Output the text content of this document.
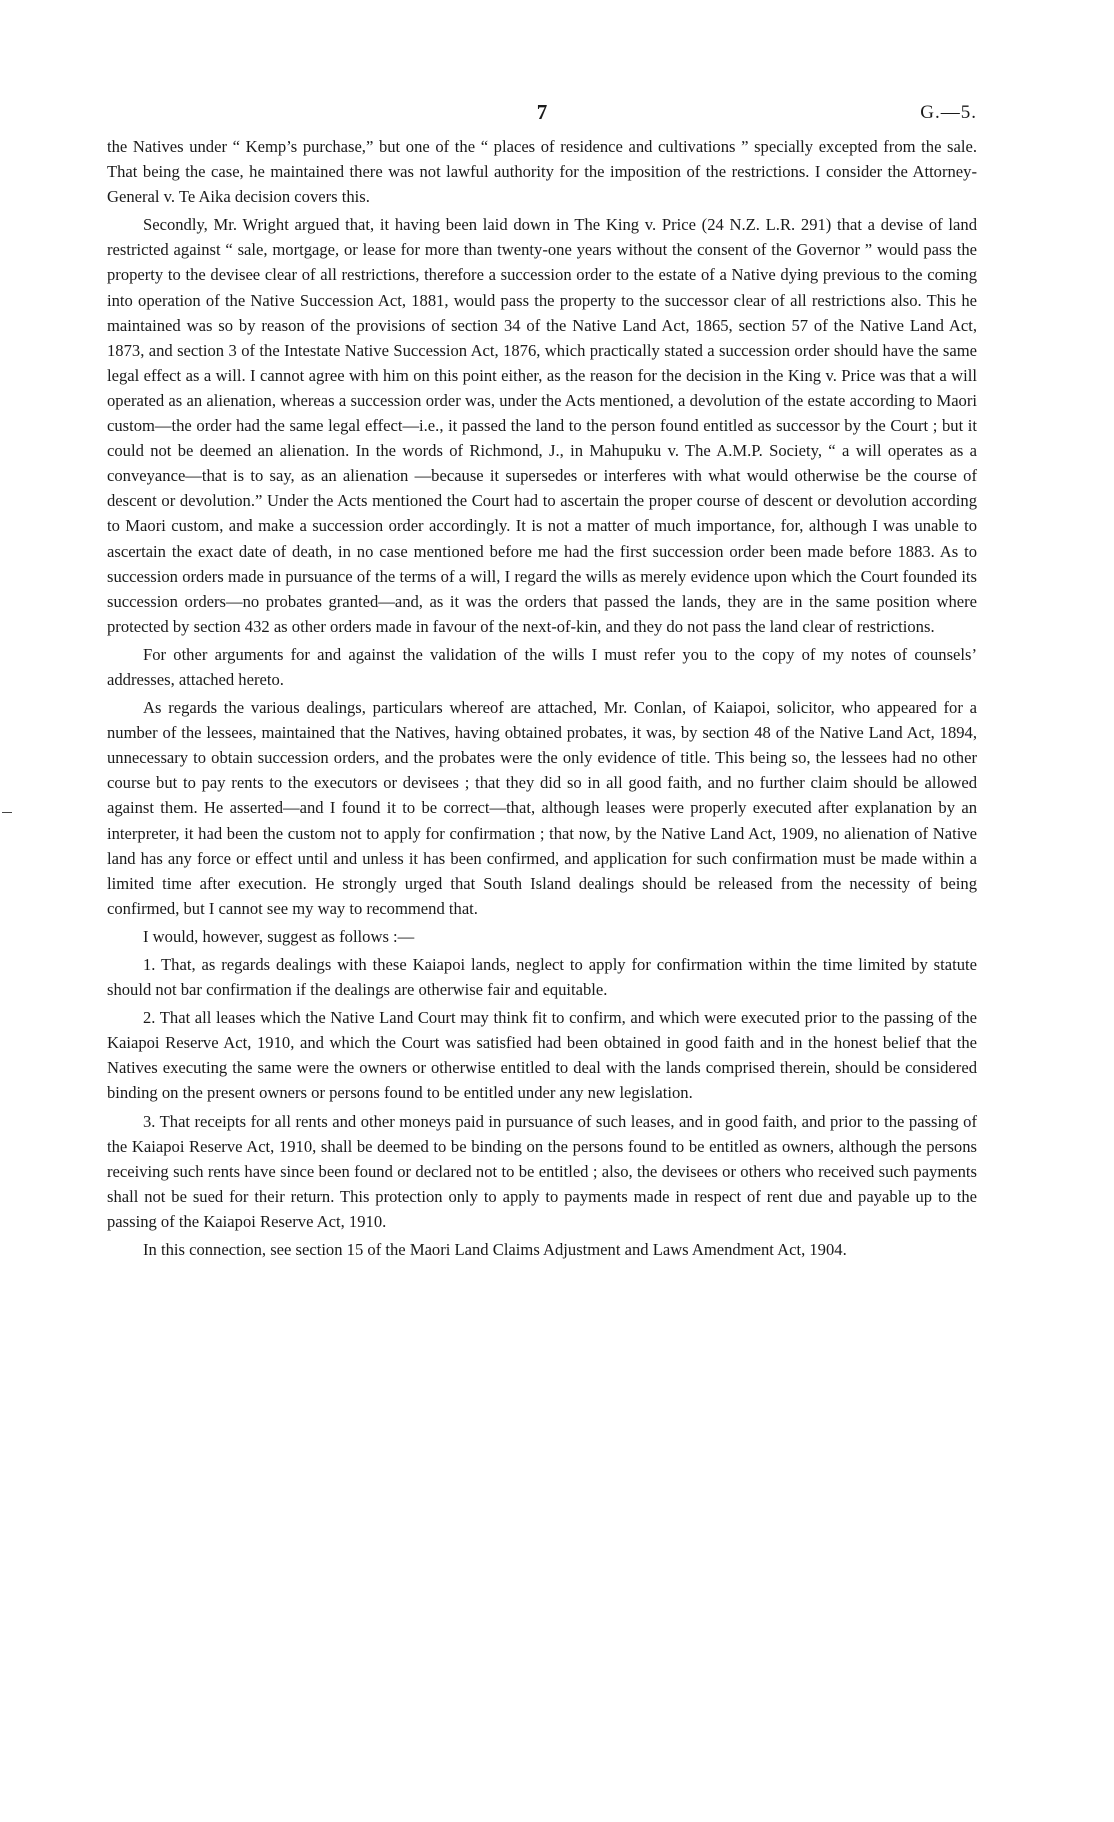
7	G.—5.

the Natives under “ Kemp’s purchase,” but one of the “ places of residence and cultivations ” specially excepted from the sale. That being the case, he maintained there was not lawful authority for the imposition of the restrictions. I consider the Attorney-General v. Te Aika decision covers this.

Secondly, Mr. Wright argued that, it having been laid down in The King v. Price (24 N.Z. L.R. 291) that a devise of land restricted against “ sale, mortgage, or lease for more than twenty-one years without the consent of the Governor ” would pass the property to the devisee clear of all restrictions, therefore a succession order to the estate of a Native dying previous to the coming into operation of the Native Succession Act, 1881, would pass the property to the successor clear of all restrictions also. This he maintained was so by reason of the provisions of section 34 of the Native Land Act, 1865, section 57 of the Native Land Act, 1873, and section 3 of the Intestate Native Succession Act, 1876, which practically stated a succession order should have the same legal effect as a will. I cannot agree with him on this point either, as the reason for the decision in the King v. Price was that a will operated as an alienation, whereas a succession order was, under the Acts mentioned, a devolution of the estate according to Maori custom—the order had the same legal effect—i.e., it passed the land to the person found entitled as successor by the Court ; but it could not be deemed an alienation. In the words of Richmond, J., in Mahupuku v. The A.M.P. Society, “ a will operates as a conveyance—that is to say, as an alienation —because it supersedes or interferes with what would otherwise be the course of descent or devolution.” Under the Acts mentioned the Court had to ascertain the proper course of descent or devolution according to Maori custom, and make a succession order accordingly. It is not a matter of much importance, for, although I was unable to ascertain the exact date of death, in no case mentioned before me had the first succession order been made before 1883. As to succession orders made in pursuance of the terms of a will, I regard the wills as merely evidence upon which the Court founded its succession orders—no probates granted—and, as it was the orders that passed the lands, they are in the same position where protected by section 432 as other orders made in favour of the next-of-kin, and they do not pass the land clear of restrictions.

For other arguments for and against the validation of the wills I must refer you to the copy of my notes of counsels’ addresses, attached hereto.

As regards the various dealings, particulars whereof are attached, Mr. Conlan, of Kaiapoi, solicitor, who appeared for a number of the lessees, maintained that the Natives, having obtained probates, it was, by section 48 of the Native Land Act, 1894, unnecessary to obtain succession orders, and the probates were the only evidence of title. This being so, the lessees had no other course but to pay rents to the executors or devisees ; that they did so in all good faith, and no further claim should be allowed against them. He asserted—and I found it to be correct—that, although leases were properly executed after explanation by an interpreter, it had been the custom not to apply for confirmation ; that now, by the Native Land Act, 1909, no alienation of Native land has any force or effect until and unless it has been confirmed, and application for such confirmation must be made within a limited time after execution. He strongly urged that South Island dealings should be released from the necessity of being confirmed, but I cannot see my way to recommend that.

I would, however, suggest as follows :—

1. That, as regards dealings with these Kaiapoi lands, neglect to apply for confirmation within the time limited by statute should not bar confirmation if the dealings are otherwise fair and equitable.

2. That all leases which the Native Land Court may think fit to confirm, and which were executed prior to the passing of the Kaiapoi Reserve Act, 1910, and which the Court was satisfied had been obtained in good faith and in the honest belief that the Natives executing the same were the owners or otherwise entitled to deal with the lands comprised therein, should be considered binding on the present owners or persons found to be entitled under any new legislation.

3. That receipts for all rents and other moneys paid in pursuance of such leases, and in good faith, and prior to the passing of the Kaiapoi Reserve Act, 1910, shall be deemed to be binding on the persons found to be entitled as owners, although the persons receiving such rents have since been found or declared not to be entitled ; also, the devisees or others who received such payments shall not be sued for their return. This protection only to apply to payments made in respect of rent due and payable up to the passing of the Kaiapoi Reserve Act, 1910.

In this connection, see section 15 of the Maori Land Claims Adjustment and Laws Amendment Act, 1904.
